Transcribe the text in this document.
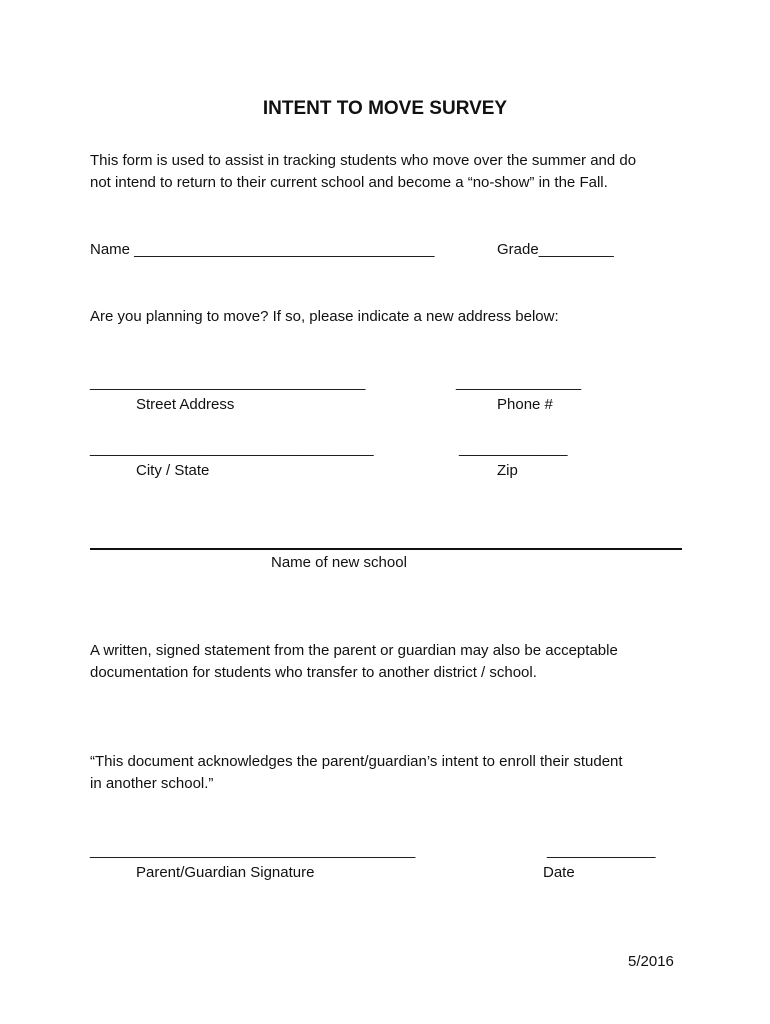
INTENT TO MOVE SURVEY
This form is used to assist in tracking students who move over the summer and do
not intend to return to their current school and become a “no-show” in the Fall.
Name ____________________________________	Grade_________
Are you planning to move? If so, please indicate a new address below:
_________________________________	_______________
Street Address	Phone #
__________________________________	_____________
City / State	Zip
Name of new school
A written, signed statement from the parent or guardian may also be acceptable
documentation for students who transfer to another district / school.
“This document acknowledges the parent/guardian’s intent to enroll their student
in another school.”
_______________________________________	_____________
Parent/Guardian Signature	Date
5/2016
